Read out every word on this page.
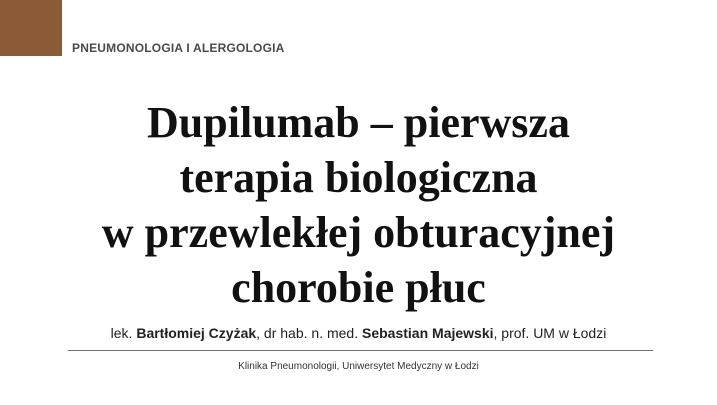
PNEUMONOLOGIA I ALERGOLOGIA
Dupilumab – pierwsza
terapia biologiczna
w przewlekłej obturacyjnej
chorobie płuc
lek. Bartłomiej Czyżak, dr hab. n. med. Sebastian Majewski, prof. UM w Łodzi
Klinika Pneumonologii, Uniwersytet Medyczny w Łodzi
